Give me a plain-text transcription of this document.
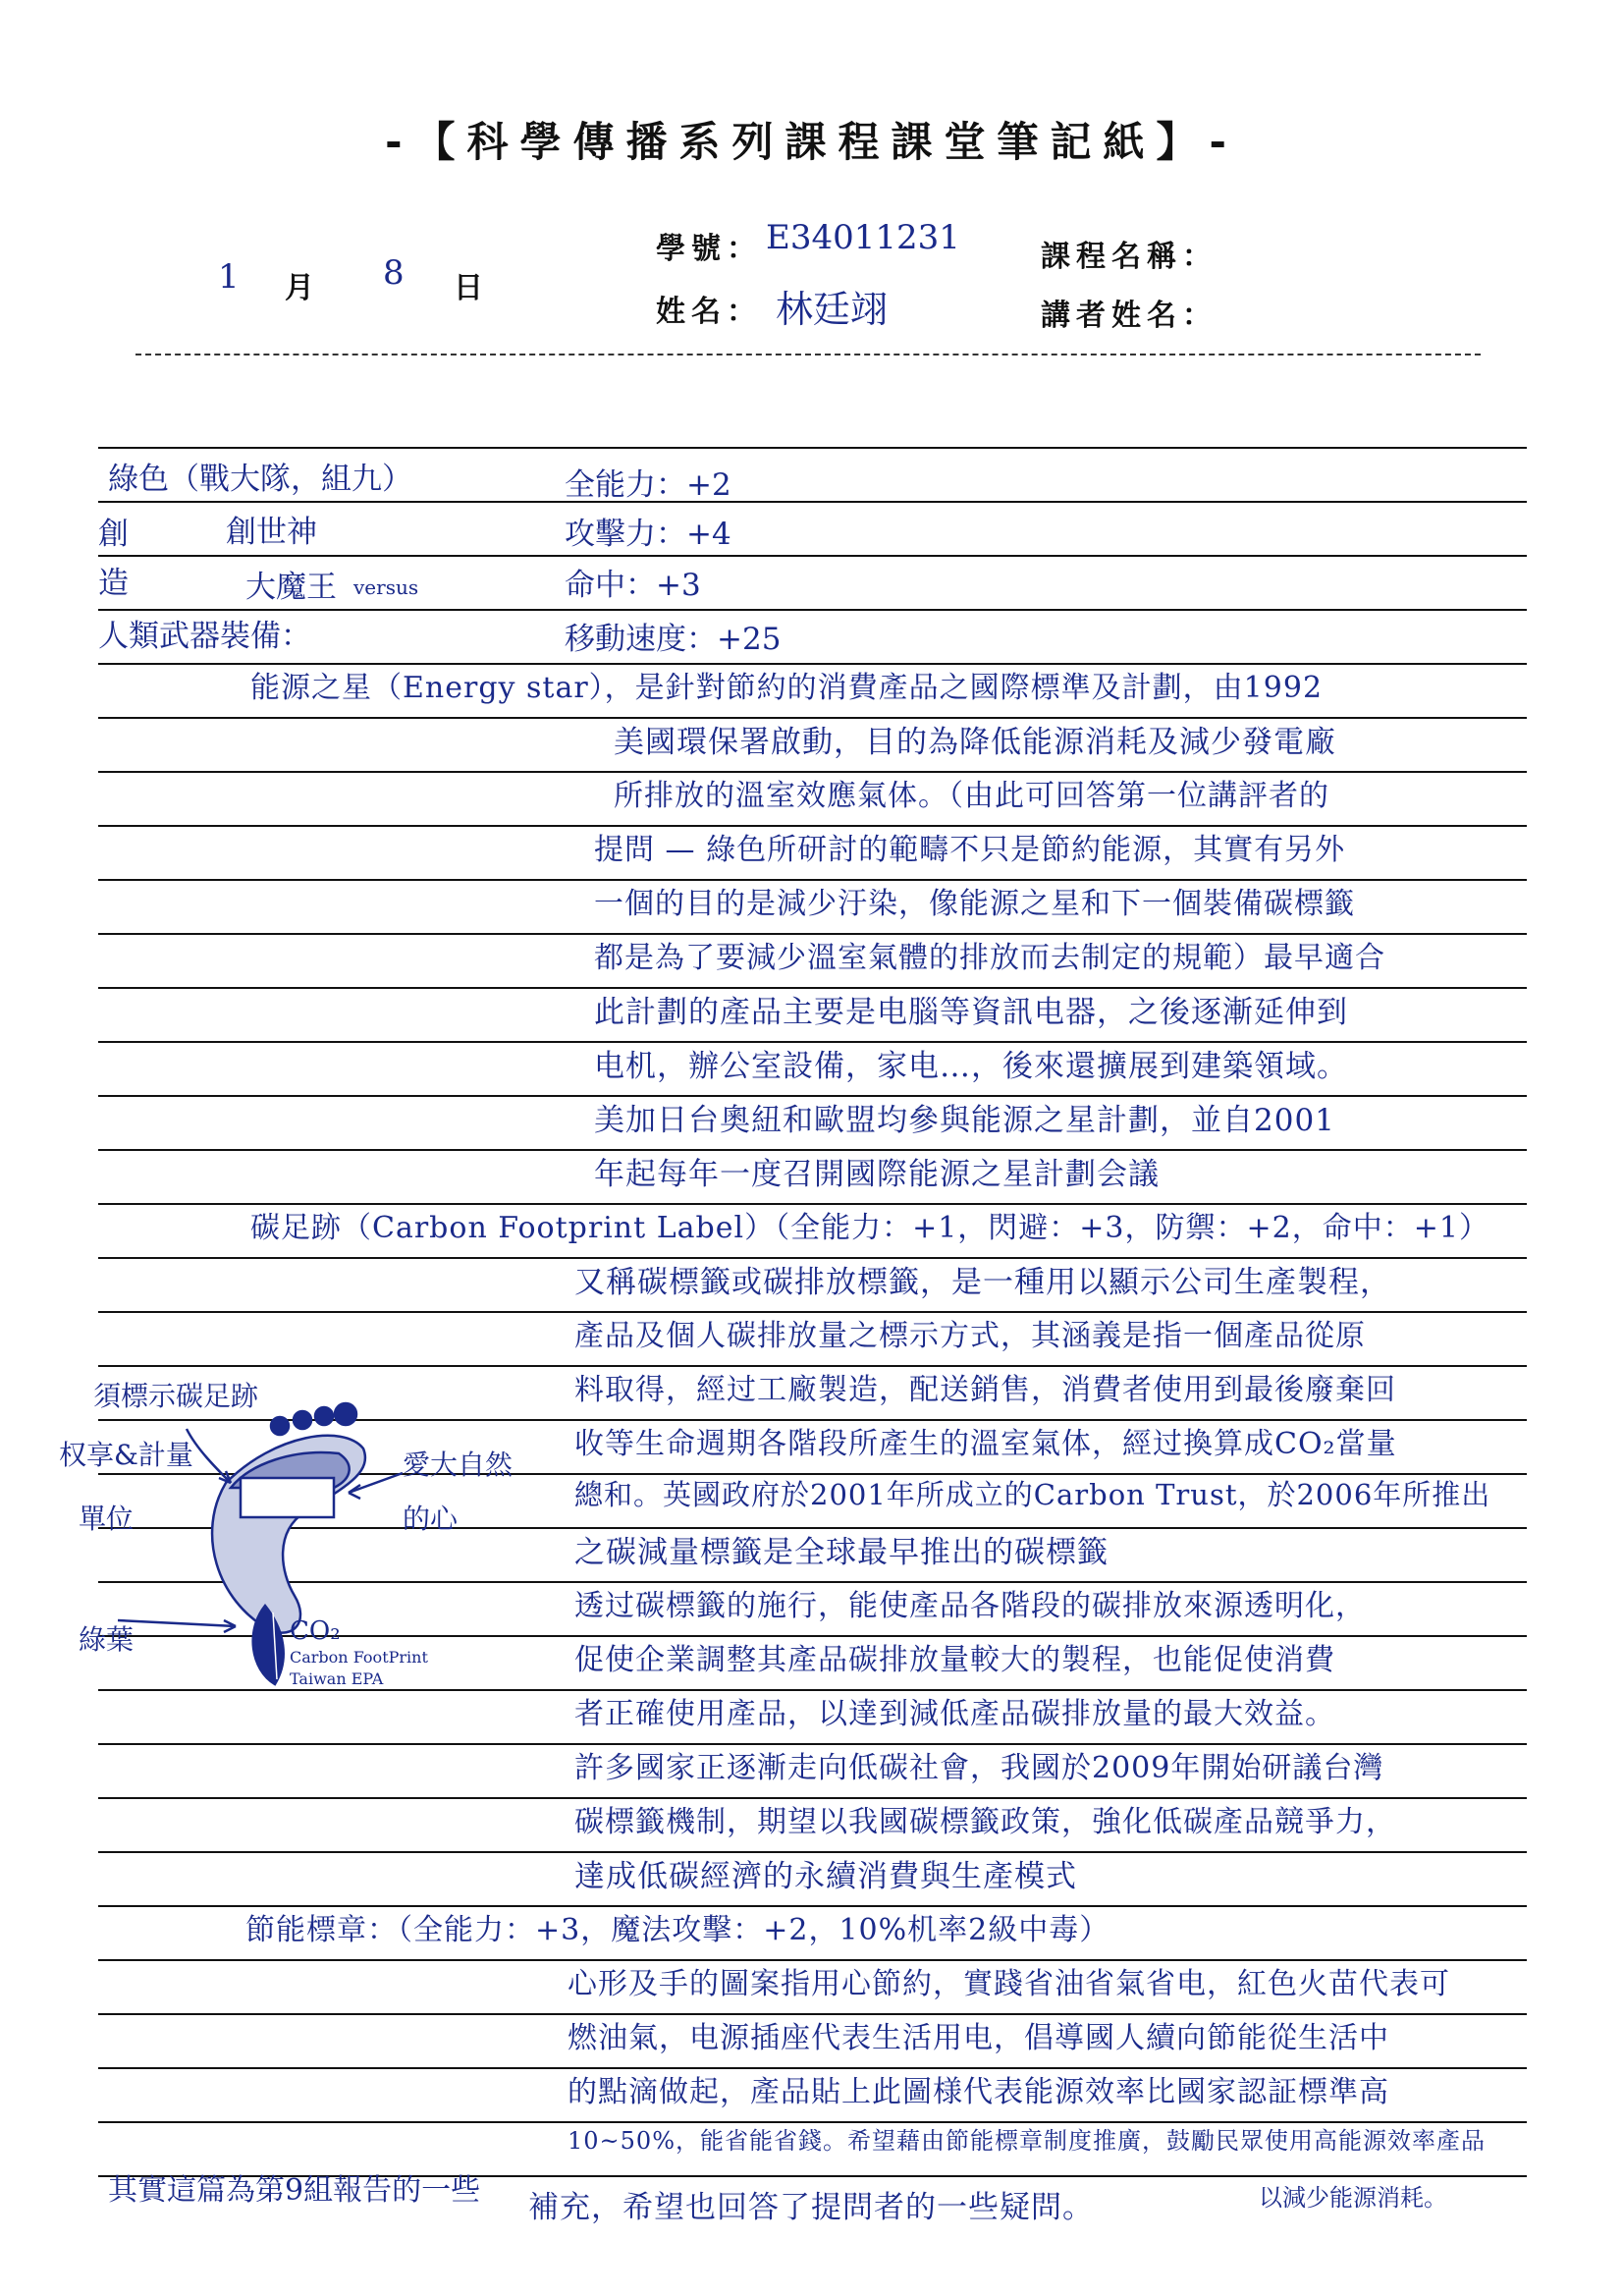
-【科學傳播系列課程課堂筆記紙】-
1 月 8 日
學號： E34011231
姓名： 林廷翊
課程名稱：
講者姓名：
綠色（戰大隊，組九）	全能力：+2
創	創世神	攻擊力：+4
造	大魔王 versus	命中：+3
人類武器裝備：	移動速度：+25
能源之星（Energy star），是針對節約的消費產品之國際標準及計劃，由1992
美國環保署啟動，目的為降低能源消耗及減少發電廠
所排放的溫室效應氣体。（由此可回答第一位講評者的
提問 — 綠色所研討的範疇不只是節約能源，其實有另外
一個的目的是減少汙染，像能源之星和下一個裝備碳標籤
都是為了要減少溫室氣體的排放而去制定的規範）最早適合
此計劃的產品主要是电腦等資訊电器，之後逐漸延伸到
电机，辦公室設備，家电…，後來還擴展到建築領域。
美加日台奧紐和歐盟均參與能源之星計劃，並自2001
年起每年一度召開國際能源之星計劃会議
碳足跡（Carbon Footprint Label）（全能力：+1，閃避：+3，防禦：+2，命中：+1）
又稱碳標籤或碳排放標籤，是一種用以顯示公司生產製程，
產品及個人碳排放量之標示方式，其涵義是指一個產品從原
料取得，經过工廠製造，配送銷售，消費者使用到最後廢棄回
收等生命週期各階段所產生的溫室氣体，經过換算成CO₂當量
總和。英國政府於2001年所成立的Carbon Trust，於2006年所推出
之碳減量標籤是全球最早推出的碳標籤
透过碳標籤的施行，能使產品各階段的碳排放來源透明化，
促使企業調整其產品碳排放量較大的製程，也能促使消費
者正確使用產品，以達到減低產品碳排放量的最大效益。
許多國家正逐漸走向低碳社會，我國於2009年開始研議台灣
碳標籤機制，期望以我國碳標籤政策，強化低碳產品競爭力，
達成低碳經濟的永續消費與生產模式
須標示碳足跡
权享&計量
單位
愛大自然
的心
綠葉	CO₂
Carbon FootPrint
Taiwan EPA
節能標章：（全能力：+3，魔法攻擊：+2，10%机率2級中毒）
心形及手的圖案指用心節約，實踐省油省氣省电，紅色火苗代表可
燃油氣，电源插座代表生活用电，倡導國人續向節能從生活中
的點滴做起，產品貼上此圖様代表能源效率比國家認証標準高
10~50%，能省能省錢。希望藉由節能標章制度推廣，鼓勵民眾使用高能源效率產品
補充，希望也回答了提問者的一些疑問。	以減少能源消耗。
其實這篇為第9組報告的一些
